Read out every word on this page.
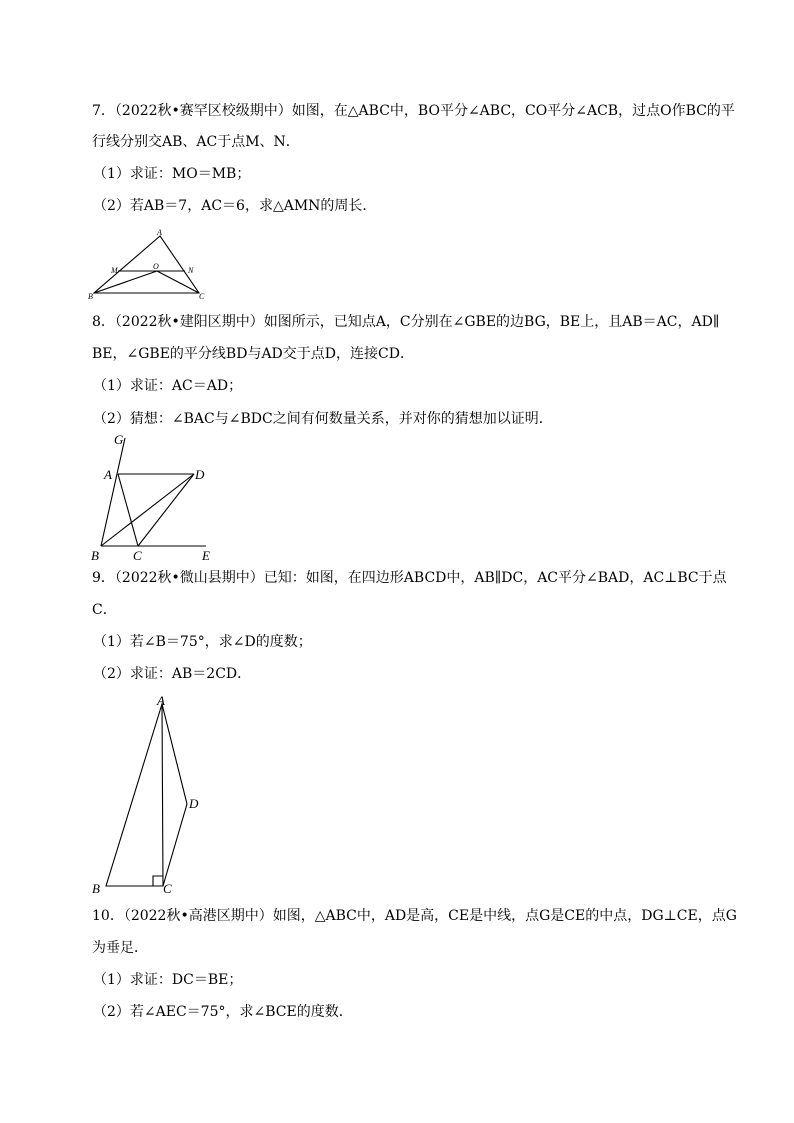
7．（2022秋•赛罕区校级期中）如图，在△ABC中，BO平分∠ABC，CO平分∠ACB，过点O作BC的平
行线分别交AB、AC于点M、N．
（1）求证：MO＝MB；
（2）若AB＝7，AC＝6，求△AMN的周长．
A
M	O	N
B	C
8．（2022秋•建阳区期中）如图所示，已知点A，C分别在∠GBE的边BG，BE上，且AB＝AC，AD∥
BE，∠GBE的平分线BD与AD交于点D，连接CD．
（1）求证：AC＝AD；
（2）猜想：∠BAC与∠BDC之间有何数量关系，并对你的猜想加以证明．
G
A	D
B	C	E
9．（2022秋•微山县期中）已知：如图，在四边形ABCD中，AB∥DC，AC平分∠BAD，AC⊥BC于点
C．
（1）若∠B＝75°，求∠D的度数；
（2）求证：AB＝2CD．
A
D
B	C
10．（2022秋•高港区期中）如图，△ABC中，AD是高，CE是中线，点G是CE的中点，DG⊥CE，点G
为垂足．
（1）求证：DC＝BE；
（2）若∠AEC＝75°，求∠BCE的度数．
